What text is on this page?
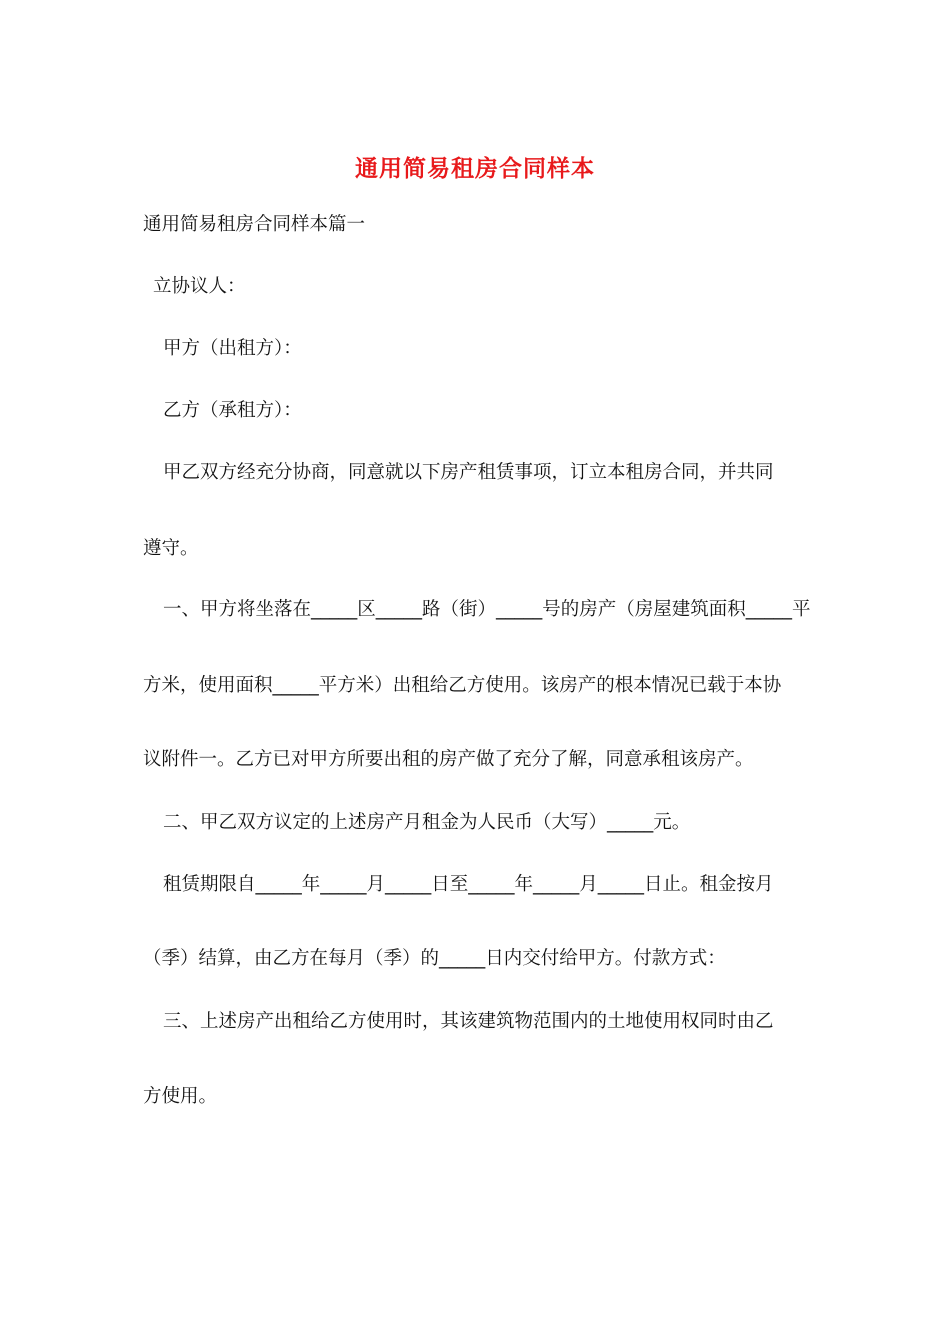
通用简易租房合同样本
通用简易租房合同样本篇一
立协议人：
甲方（出租方）：
乙方（承租方）：
甲乙双方经充分协商，同意就以下房产租赁事项，订立本租房合同，并共同
遵守。
一、甲方将坐落在_____区_____路（街）_____号的房产（房屋建筑面积_____平
方米，使用面积_____平方米）出租给乙方使用。该房产的根本情况已载于本协
议附件一。乙方已对甲方所要出租的房产做了充分了解，同意承租该房产。
二、甲乙双方议定的上述房产月租金为人民币（大写）_____元。
租赁期限自_____年_____月_____日至_____年_____月_____日止。租金按月
（季）结算，由乙方在每月（季）的_____日内交付给甲方。付款方式：
三、上述房产出租给乙方使用时，其该建筑物范围内的土地使用权同时由乙
方使用。
